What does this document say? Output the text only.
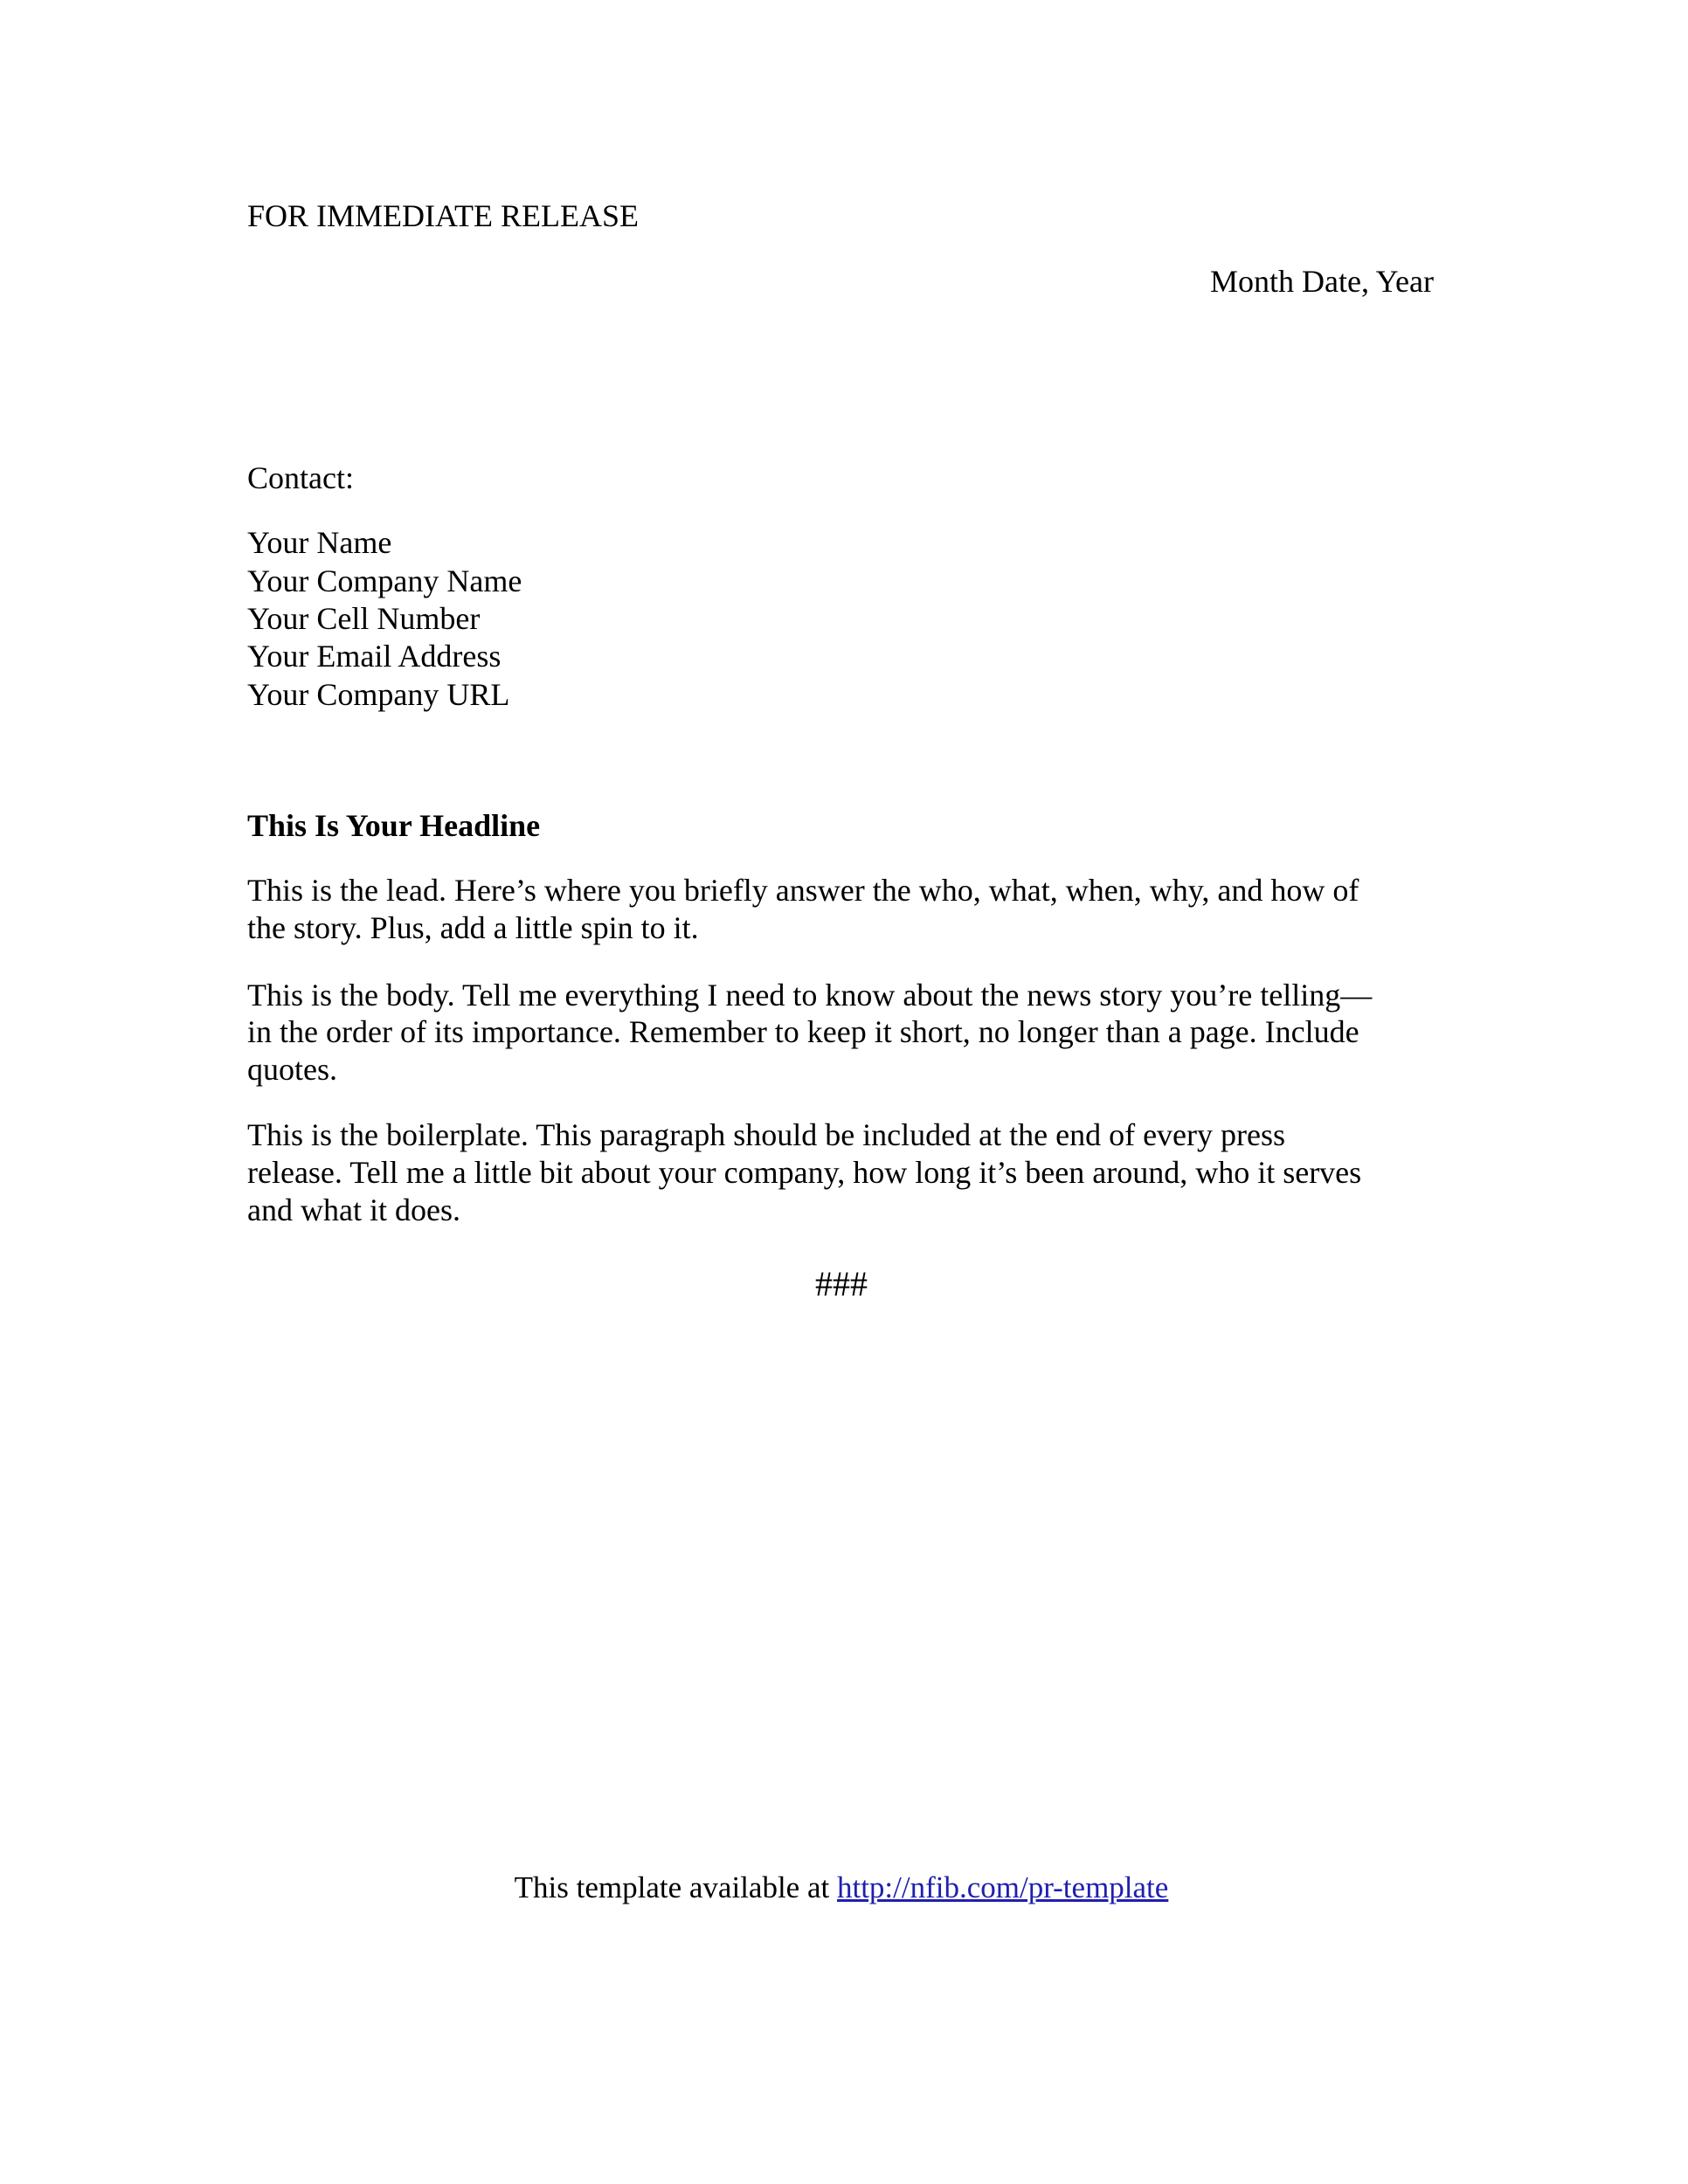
FOR IMMEDIATE RELEASE
Month Date, Year
Contact:
Your Name
Your Company Name
Your Cell Number
Your Email Address
Your Company URL
This Is Your Headline
This is the lead. Here’s where you briefly answer the who, what, when, why, and how of
the story. Plus, add a little spin to it.
This is the body. Tell me everything I need to know about the news story you’re telling—
in the order of its importance. Remember to keep it short, no longer than a page. Include
quotes.
This is the boilerplate. This paragraph should be included at the end of every press
release. Tell me a little bit about your company, how long it’s been around, who it serves
and what it does.
###
This template available at http://nfib.com/pr-template
